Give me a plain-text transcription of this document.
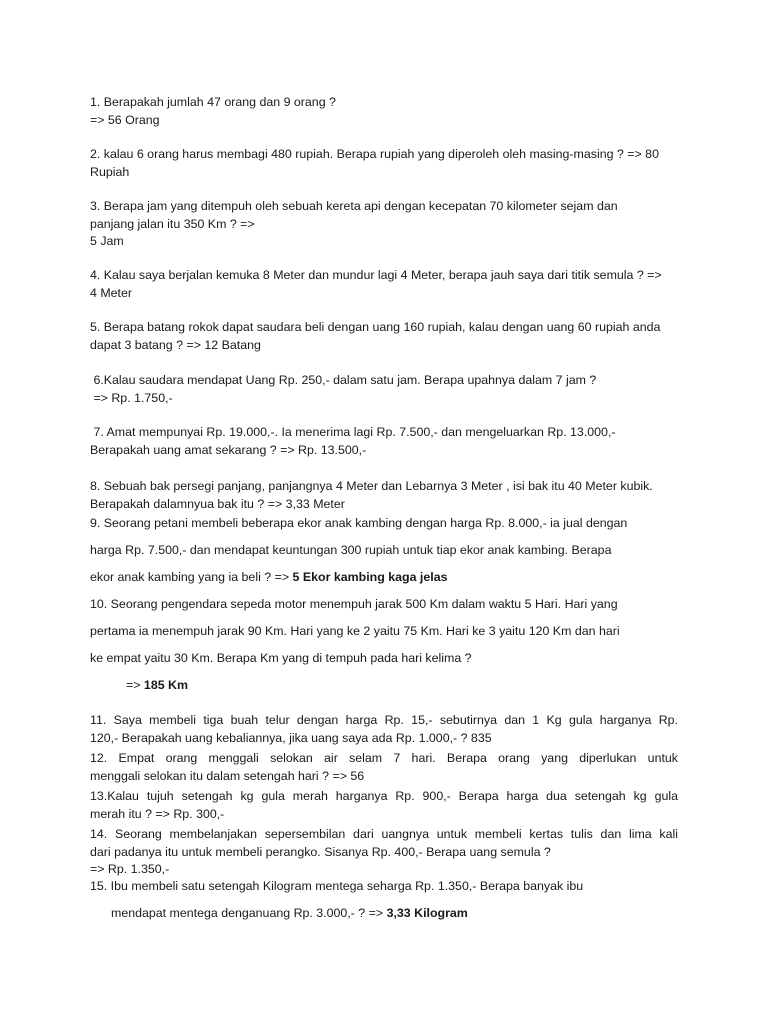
1. Berapakah jumlah 47 orang dan 9 orang ?
=> 56 Orang

2. kalau 6 orang harus membagi 480 rupiah. Berapa rupiah yang diperoleh oleh masing-masing ? => 80
Rupiah

3. Berapa jam yang ditempuh oleh sebuah kereta api dengan kecepatan 70 kilometer sejam dan
panjang jalan itu 350 Km ? =>
5 Jam

4. Kalau saya berjalan kemuka 8 Meter dan mundur lagi 4 Meter, berapa jauh saya dari titik semula ? =>
4 Meter

5. Berapa batang rokok dapat saudara beli dengan uang 160 rupiah, kalau dengan uang 60 rupiah anda
dapat 3 batang ? => 12 Batang

6.Kalau saudara mendapat Uang Rp. 250,- dalam satu jam. Berapa upahnya dalam 7 jam ?
=> Rp. 1.750,-

7. Amat mempunyai Rp. 19.000,-. Ia menerima lagi Rp. 7.500,- dan mengeluarkan Rp. 13.000,-
Berapakah uang amat sekarang ? => Rp. 13.500,-

8. Sebuah bak persegi panjang, panjangnya 4 Meter dan Lebarnya 3 Meter , isi bak itu 40 Meter kubik.
Berapakah dalamnyua bak itu ? => 3,33 Meter

9. Seorang petani membeli beberapa ekor anak kambing dengan harga Rp. 8.000,- ia jual dengan
harga Rp. 7.500,- dan mendapat keuntungan 300 rupiah untuk tiap ekor anak kambing. Berapa
ekor anak kambing yang ia beli ? => 5 Ekor kambing kaga jelas

10. Seorang pengendara sepeda motor menempuh jarak 500 Km dalam waktu 5 Hari. Hari yang
pertama ia menempuh jarak 90 Km. Hari yang ke 2 yaitu 75 Km. Hari ke 3 yaitu 120 Km dan hari
ke empat yaitu 30 Km. Berapa Km yang di tempuh pada hari kelima ?
=> 185 Km

11. Saya membeli tiga buah telur dengan harga Rp. 15,- sebutirnya dan 1 Kg gula harganya Rp.
120,- Berapakah uang kebaliannya, jika uang saya ada Rp. 1.000,- ? 835

12. Empat orang menggali selokan air selam 7 hari. Berapa orang yang diperlukan untuk
menggali selokan itu dalam setengah hari ? => 56

13.Kalau tujuh setengah kg gula merah harganya Rp. 900,- Berapa harga dua setengah kg gula
merah itu ? => Rp. 300,-

14. Seorang membelanjakan sepersembilan dari uangnya untuk membeli kertas tulis dan lima kali
dari padanya itu untuk membeli perangko. Sisanya Rp. 400,- Berapa uang semula ?
=> Rp. 1.350,-

15. Ibu membeli satu setengah Kilogram mentega seharga Rp. 1.350,- Berapa banyak ibu
mendapat mentega denganuang Rp. 3.000,- ? => 3,33 Kilogram
